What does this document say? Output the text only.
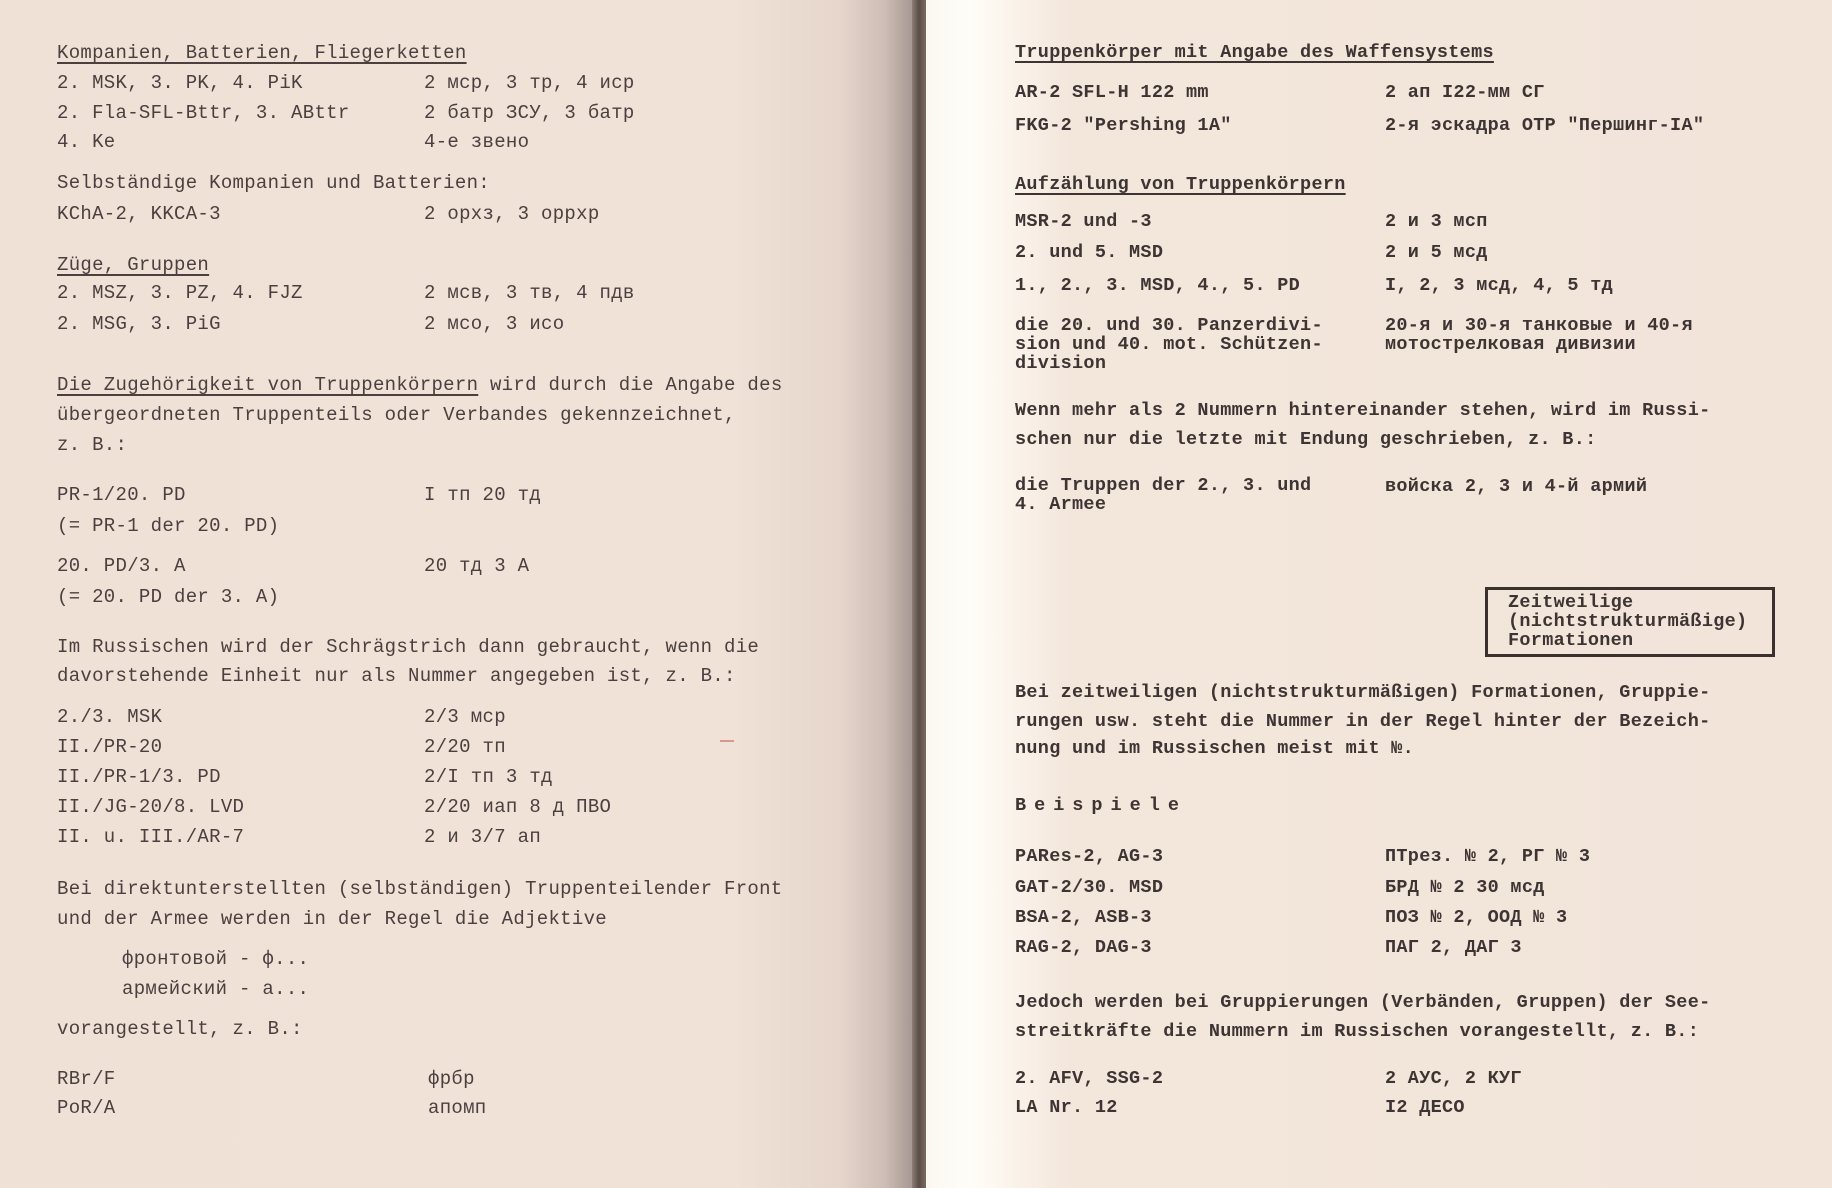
Kompanien, Batterien, Fliegerketten
2. MSK, 3. PK, 4. PiK	2 мср, 3 тр, 4 иср
2. Fla-SFL-Bttr, 3. ABttr	2 батр ЗСУ, 3 батр
4. Ke	4-е звено
Selbständige Kompanien und Batterien:
KChA-2, KKCA-3	2 орхз, 3 оррхр
Züge, Gruppen
2. MSZ, 3. PZ, 4. FJZ	2 мсв, 3 тв, 4 пдв
2. MSG, 3. PiG	2 мсо, 3 исо
Die Zugehörigkeit von Truppenkörpern wird durch die Angabe des
übergeordneten Truppenteils oder Verbandes gekennzeichnet,
z. B.:
PR-1/20. PD	I тп 20 тд
(= PR-1 der 20. PD)
20. PD/3. A	20 тд 3 А
(= 20. PD der 3. A)
Im Russischen wird der Schrägstrich dann gebraucht, wenn die
davorstehende Einheit nur als Nummer angegeben ist, z. B.:
2./3. MSK	2/3 мср
II./PR-20	2/20 тп
II./PR-1/3. PD	2/I тп 3 тд
II./JG-20/8. LVD	2/20 иап 8 д ПВО
II. u. III./AR-7	2 и 3/7 ап
Bei direktunterstellten (selbständigen) Truppenteilender Front
und der Armee werden in der Regel die Adjektive
фронтовой - ф...
армейский - а...
vorangestellt, z. B.:
RBr/F	фрбр
PoR/A	апомп
Truppenkörper mit Angabe des Waffensystems
AR-2 SFL-H 122 mm	2 ап I22-мм СГ
FKG-2 "Pershing 1A"	2-я эскадра ОТР "Першинг-IA"
Aufzählung von Truppenkörpern
MSR-2 und -3	2 и 3 мсп
2. und 5. MSD	2 и 5 мсд
1., 2., 3. MSD, 4., 5. PD	I, 2, 3 мсд, 4, 5 тд
die 20. und 30. Panzerdivi-
sion und 40. mot. Schützen-
division
20-я и 30-я танковые и 40-я
мотострелковая дивизии
Wenn mehr als 2 Nummern hintereinander stehen, wird im Russi-
schen nur die letzte mit Endung geschrieben, z. B.:
die Truppen der 2., 3. und
4. Armee
войска 2, 3 и 4-й армий
Zeitweilige
(nichtstrukturmäßige)
Formationen
Bei zeitweiligen (nichtstrukturmäßigen) Formationen, Gruppie-
rungen usw. steht die Nummer in der Regel hinter der Bezeich-
nung und im Russischen meist mit №.
Beispiele
PARes-2, AG-3	ПТрез. № 2, РГ № 3
GAT-2/30. MSD	БРД № 2 30 мсд
BSA-2, ASB-3	ПОЗ № 2, ООД № 3
RAG-2, DAG-3	ПАГ 2, ДАГ 3
Jedoch werden bei Gruppierungen (Verbänden, Gruppen) der See-
streitkräfte die Nummern im Russischen vorangestellt, z. B.:
2. AFV, SSG-2	2 АУС, 2 КУГ
LA Nr. 12	I2 ДЕСО
